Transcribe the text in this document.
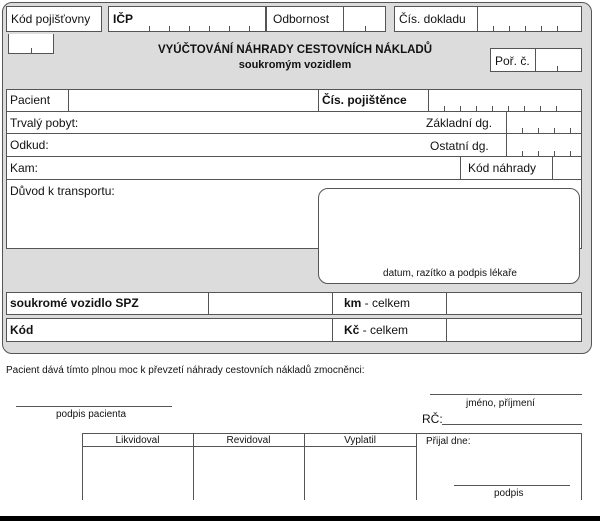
Kód pojišťovny IČP	Odbornost	Čís. dokladu
VYÚČTOVÁNÍ NÁHRADY CESTOVNÍCH NÁKLADŮ
soukromým vozidlem	Poř. č.
Pacient	Čís. pojištěnce
Trvalý pobyt:	Základní dg.
Odkud:	Ostatní dg.
Kam:	Kód náhrady
Důvod k transportu:
datum, razítko a podpis lékaře
soukromé vozidlo SPZ	km - celkem
Kód	Kč - celkem
Pacient dává tímto plnou moc k převzetí náhrady cestovních nákladů zmocněnci:
podpis pacienta
jméno, příjmení
RČ:
Likvidoval	Revidoval	Vyplatil	Přijal dne:
podpis
